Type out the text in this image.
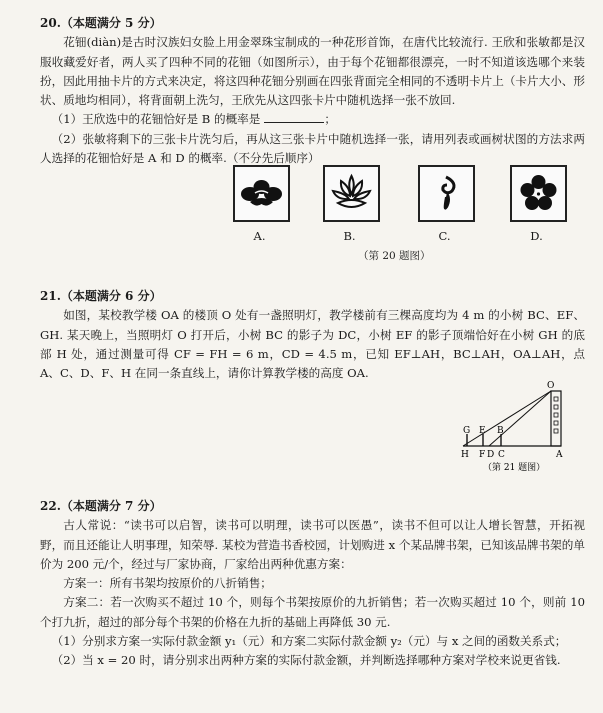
20.（本题满分 5 分）

花钿(diàn)是古时汉族妇女脸上用金翠珠宝制成的一种花形首饰，在唐代比较流行. 王欣和张敏都是汉服收藏爱好者，两人买了四种不同的花钿（如图所示），由于每个花钿都很漂亮，一时不知道该选哪个来装扮，因此用抽卡片的方式来决定，将这四种花钿分别画在四张背面完全相同的不透明卡片上（卡片大小、形状、质地均相同），将背面朝上洗匀，王欣先从这四张卡片中随机选择一张不放回.

（1）王欣选中的花钿恰好是 B 的概率是	；

（2）张敏将剩下的三张卡片洗匀后，再从这三张卡片中随机选择一张，请用列表或画树状图的方法求两人选择的花钿恰好是 A 和 D 的概率.（不分先后顺序）

A.	B.	C.	D.
（第 20 题图）
21.（本题满分 6 分）

如图，某校教学楼 OA 的楼顶 O 处有一盏照明灯，教学楼前有三棵高度均为 4 m 的小树 BC、EF、GH. 某天晚上，当照明灯 O 打开后，小树 BC 的影子为 DC，小树 EF 的影子顶端恰好在小树 GH 的底部 H 处，通过测量可得 CF = FH = 6 m，CD = 4.5 m，已知 EF⊥AH，BC⊥AH，OA⊥AH，点 A、C、D、F、H 在同一条直线上，请你计算教学楼的高度 OA.

O
G E B
H F D C	A
（第 21 题图）
22.（本题满分 7 分）

古人常说：“读书可以启智，读书可以明理，读书可以医愚”，读书不但可以让人增长智慧，开拓视野，而且还能让人明事理，知荣辱. 某校为营造书香校园，计划购进 x 个某品牌书架，已知该品牌书架的单价为 200 元/个，经过与厂家协商，厂家给出两种优惠方案：

方案一：所有书架均按原价的八折销售；

方案二：若一次购买不超过 10 个，则每个书架按原价的九折销售；若一次购买超过 10 个，则前 10 个打九折，超过的部分每个书架的价格在九折的基础上再降低 30 元.

（1）分别求方案一实际付款金额 y₁（元）和方案二实际付款金额 y₂（元）与 x 之间的函数关系式；

（2）当 x = 20 时，请分别求出两种方案的实际付款金额，并判断选择哪种方案对学校来说更省钱.
